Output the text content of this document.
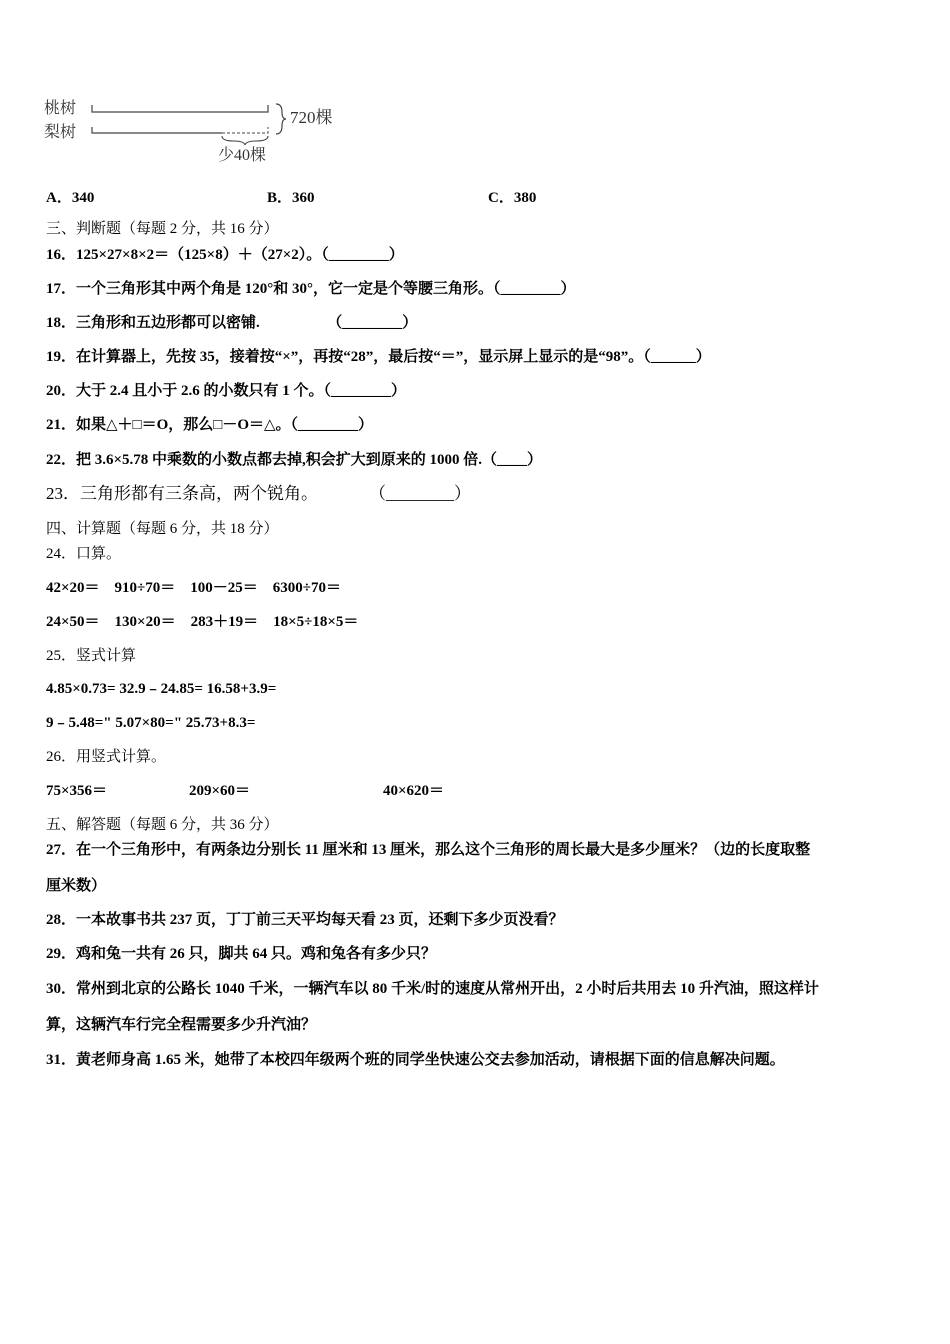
桃树
梨树
720棵
少40棵
A．340	B．360	C．380
三、判断题（每题 2 分，共 16 分）
16．125×27×8×2＝（125×8）＋（27×2）。（________）
17．一个三角形其中两个角是 120°和 30°，它一定是个等腰三角形。（________）
18．三角形和五边形都可以密铺.　　　　　（________）
19．在计算器上，先按 35，接着按“×”，再按“28”，最后按“＝”，显示屏上显示的是“98”。（______）
20．大于 2.4 且小于 2.6 的小数只有 1 个。（________）
21．如果△＋□＝O，那么□－O＝△。（________）
22．把 3.6×5.78 中乘数的小数点都去掉,积会扩大到原来的 1000 倍.（____）
23．三角形都有三条高，两个锐角。　　　　（________）
四、计算题（每题 6 分，共 18 分）
24．口算。
42×20＝　910÷70＝　100－25＝　6300÷70＝
24×50＝　130×20＝　283＋19＝　18×5÷18×5＝
25．竖式计算
4.85×0.73= 32.9﹣24.85= 16.58+3.9=
9﹣5.48=" 5.07×80=" 25.73+8.3=
26．用竖式计算。
75×356＝	209×60＝	40×620＝
五、解答题（每题 6 分，共 36 分）
27．在一个三角形中，有两条边分别长 11 厘米和 13 厘米，那么这个三角形的周长最大是多少厘米？（边的长度取整
厘米数）
28．一本故事书共 237 页，丁丁前三天平均每天看 23 页，还剩下多少页没看？
29．鸡和兔一共有 26 只，脚共 64 只。鸡和兔各有多少只？
30．常州到北京的公路长 1040 千米，一辆汽车以 80 千米/时的速度从常州开出，2 小时后共用去 10 升汽油，照这样计
算，这辆汽车行完全程需要多少升汽油？
31．黄老师身高 1.65 米，她带了本校四年级两个班的同学坐快速公交去参加活动，请根据下面的信息解决问题。
